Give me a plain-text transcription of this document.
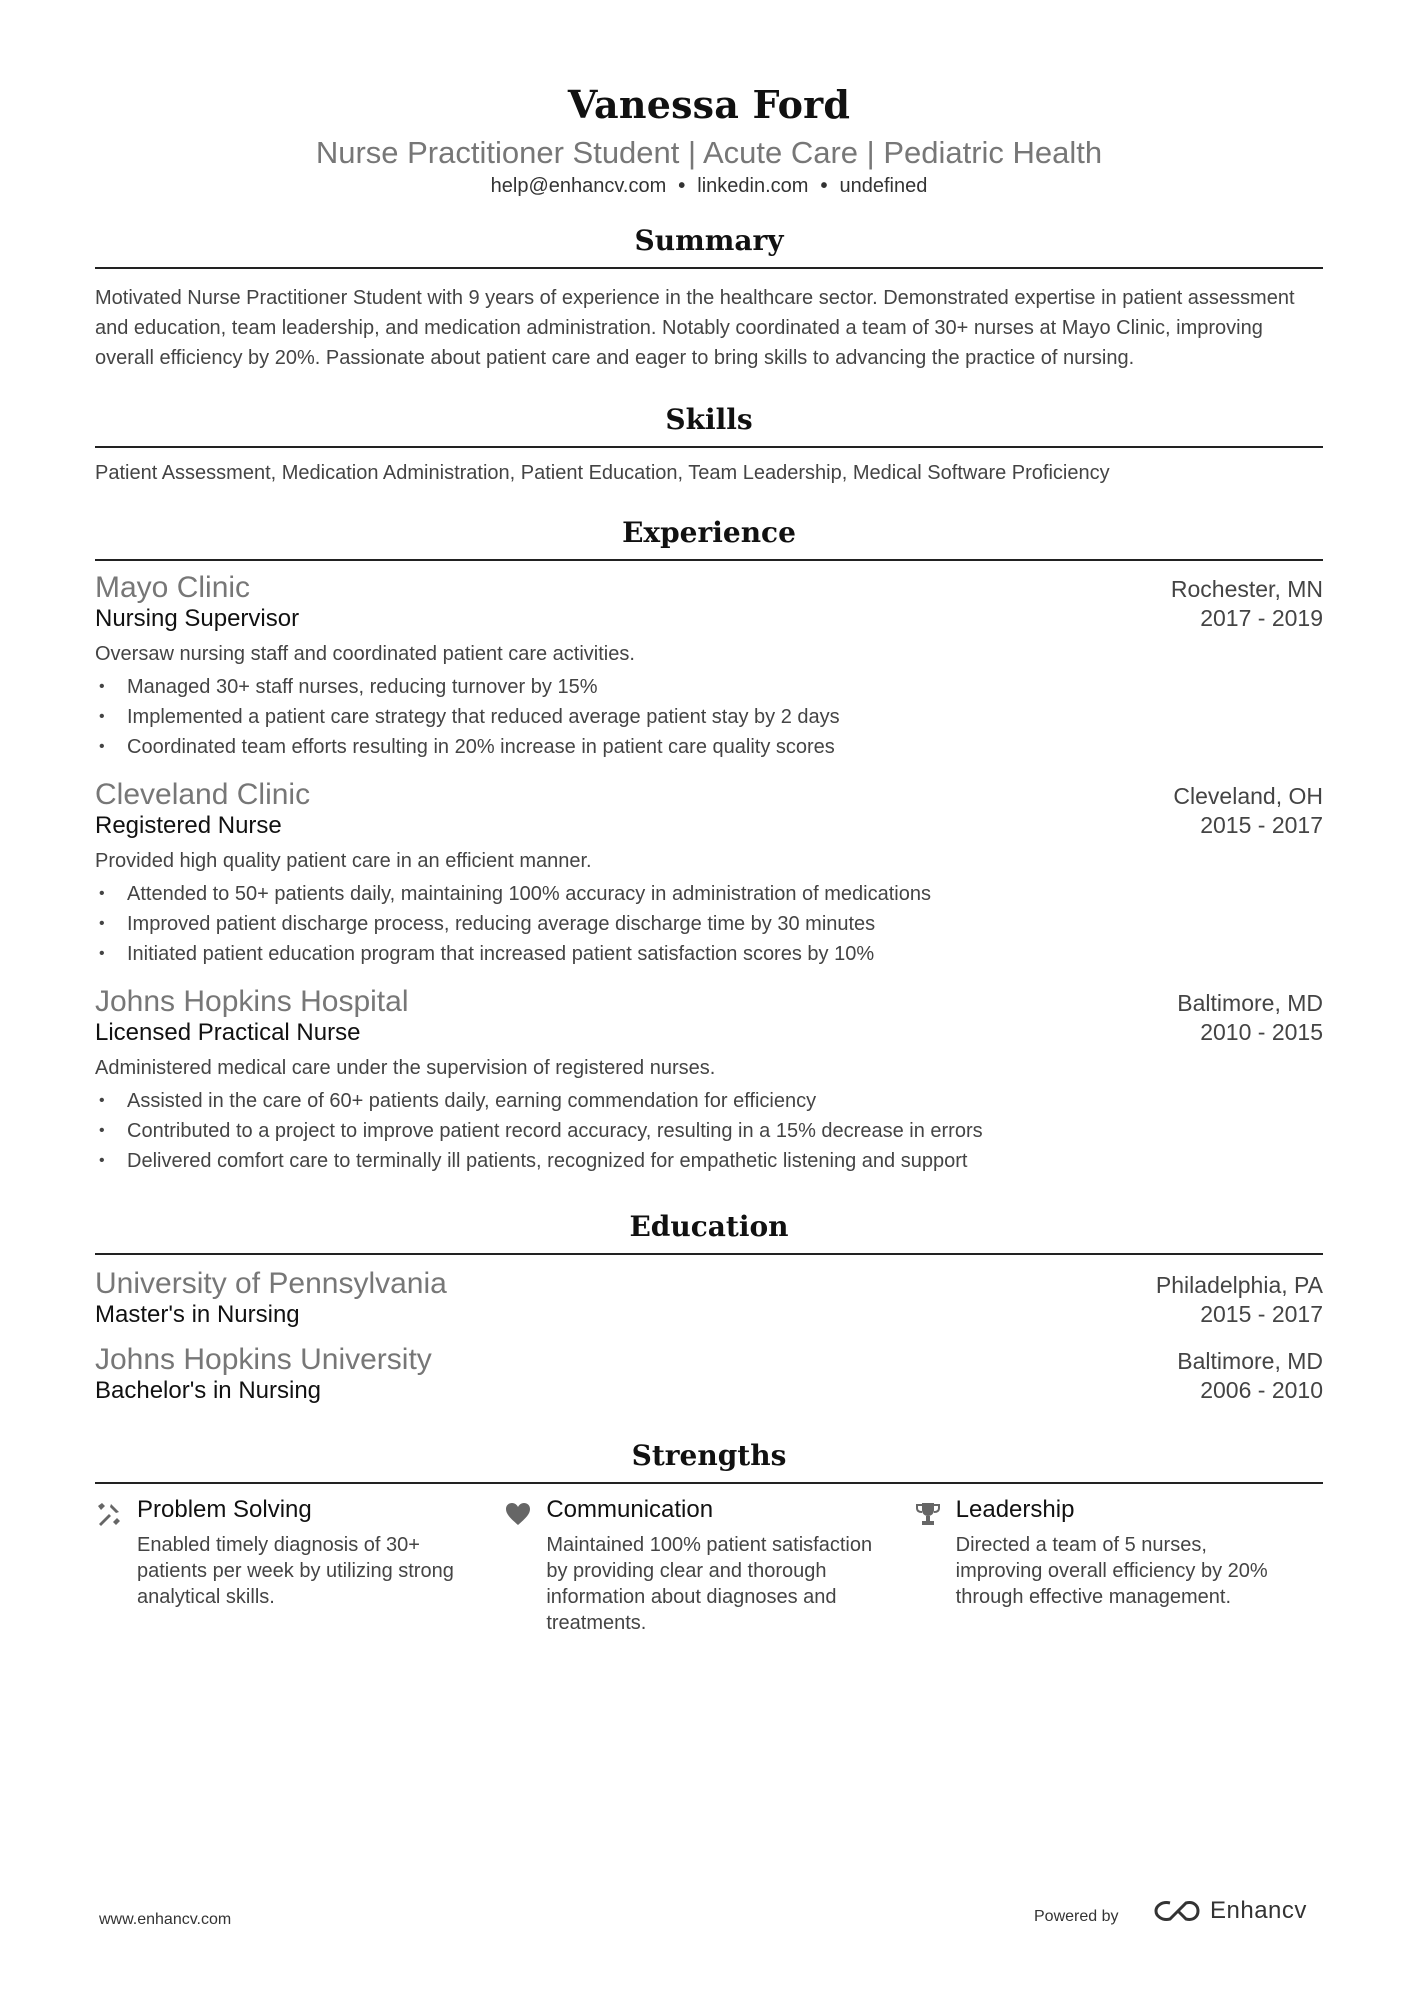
Vanessa Ford
Nurse Practitioner Student | Acute Care | Pediatric Health
help@enhancv.com • linkedin.com • undefined
Summary
Motivated Nurse Practitioner Student with 9 years of experience in the healthcare sector. Demonstrated expertise in patient assessment and education, team leadership, and medication administration. Notably coordinated a team of 30+ nurses at Mayo Clinic, improving overall efficiency by 20%. Passionate about patient care and eager to bring skills to advancing the practice of nursing.
Skills
Patient Assessment, Medication Administration, Patient Education, Team Leadership, Medical Software Proficiency
Experience
Mayo Clinic	Rochester, MN
Nursing Supervisor	2017 - 2019
Oversaw nursing staff and coordinated patient care activities.
• Managed 30+ staff nurses, reducing turnover by 15%
• Implemented a patient care strategy that reduced average patient stay by 2 days
• Coordinated team efforts resulting in 20% increase in patient care quality scores
Cleveland Clinic	Cleveland, OH
Registered Nurse	2015 - 2017
Provided high quality patient care in an efficient manner.
• Attended to 50+ patients daily, maintaining 100% accuracy in administration of medications
• Improved patient discharge process, reducing average discharge time by 30 minutes
• Initiated patient education program that increased patient satisfaction scores by 10%
Johns Hopkins Hospital	Baltimore, MD
Licensed Practical Nurse	2010 - 2015
Administered medical care under the supervision of registered nurses.
• Assisted in the care of 60+ patients daily, earning commendation for efficiency
• Contributed to a project to improve patient record accuracy, resulting in a 15% decrease in errors
• Delivered comfort care to terminally ill patients, recognized for empathetic listening and support
Education
University of Pennsylvania	Philadelphia, PA
Master's in Nursing	2015 - 2017
Johns Hopkins University	Baltimore, MD
Bachelor's in Nursing	2006 - 2010
Strengths
Problem Solving
Enabled timely diagnosis of 30+ patients per week by utilizing strong analytical skills.
Communication
Maintained 100% patient satisfaction by providing clear and thorough information about diagnoses and treatments.
Leadership
Directed a team of 5 nurses, improving overall efficiency by 20% through effective management.
www.enhancv.com	Powered by	Enhancv
